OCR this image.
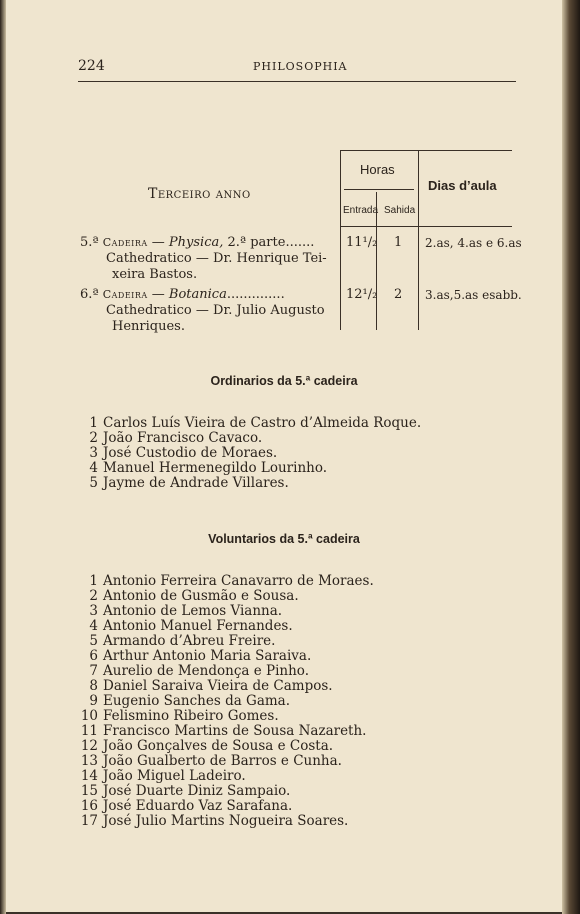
224	PHILOSOPHIA
Terceiro anno
Horas
Entrada Sahida
Dias d’aula
5.ª Cadeira — Physica, 2.ª parte.......
Cathedratico — Dr. Henrique Tei-
xeira Bastos.
11¹/₂ 1 2.as, 4.as e 6.as
6.ª Cadeira — Botanica..............
Cathedratico — Dr. Julio Augusto
Henriques.
12¹/₂ 2 3.as,5.as esabb.
Ordinarios da 5.ª cadeira
1 Carlos Luís Vieira de Castro d’Almeida Roque.
2 João Francisco Cavaco.
3 José Custodio de Moraes.
4 Manuel Hermenegildo Lourinho.
5 Jayme de Andrade Villares.
Voluntarios da 5.ª cadeira
1 Antonio Ferreira Canavarro de Moraes.
2 Antonio de Gusmão e Sousa.
3 Antonio de Lemos Vianna.
4 Antonio Manuel Fernandes.
5 Armando d’Abreu Freire.
6 Arthur Antonio Maria Saraiva.
7 Aurelio de Mendonça e Pinho.
8 Daniel Saraiva Vieira de Campos.
9 Eugenio Sanches da Gama.
10 Felismino Ribeiro Gomes.
11 Francisco Martins de Sousa Nazareth.
12 João Gonçalves de Sousa e Costa.
13 João Gualberto de Barros e Cunha.
14 João Miguel Ladeiro.
15 José Duarte Diniz Sampaio.
16 José Eduardo Vaz Sarafana.
17 José Julio Martins Nogueira Soares.
